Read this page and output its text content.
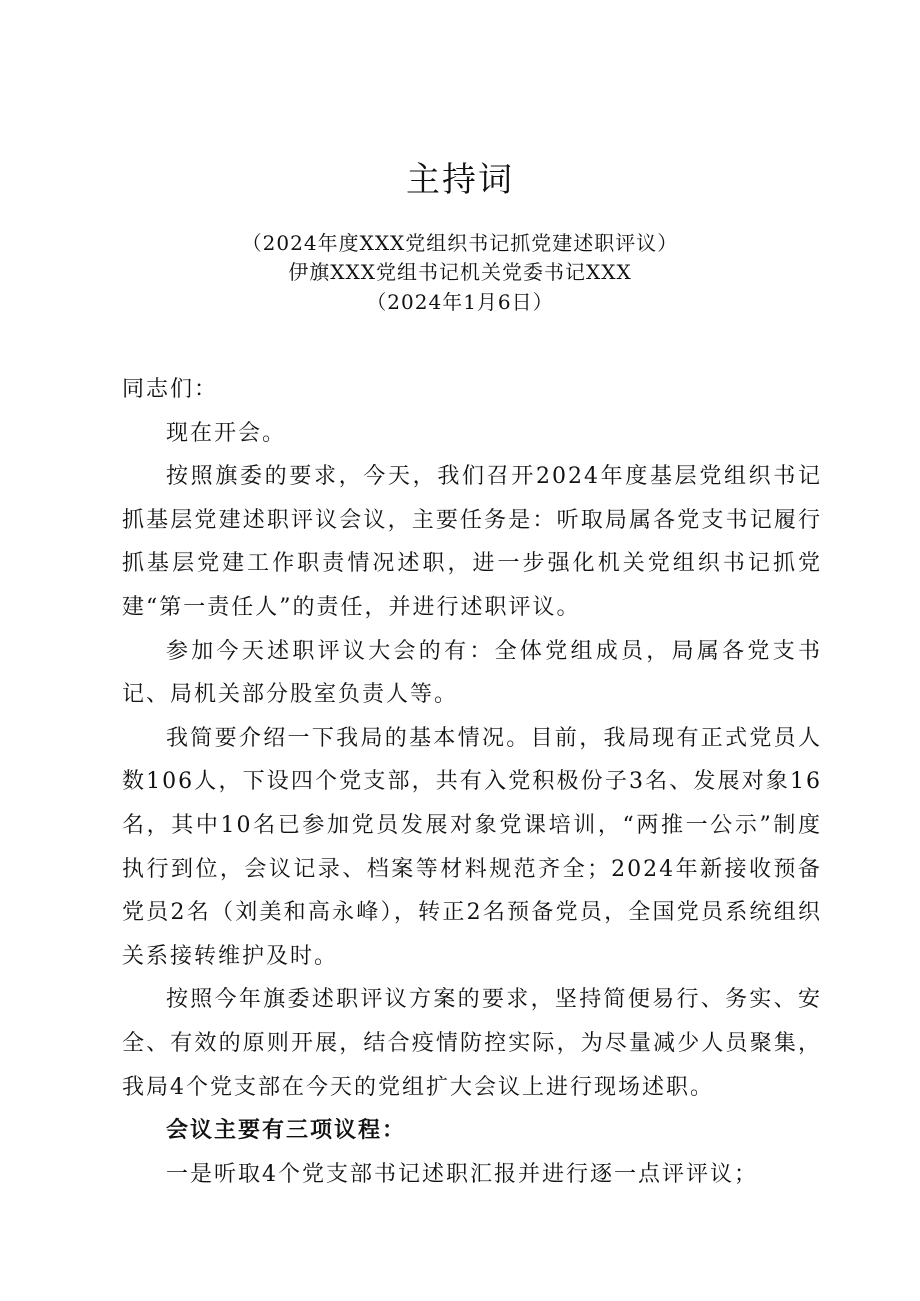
主持词
（2024年度XXX党组织书记抓党建述职评议）
伊旗XXX党组书记机关党委书记XXX
（2024年1月6日）

同志们：

现在开会。

按照旗委的要求，今天，我们召开2024年度基层党组织书记抓基层党建述职评议会议，主要任务是：听取局属各党支书记履行抓基层党建工作职责情况述职，进一步强化机关党组织书记抓党建“第一责任人”的责任，并进行述职评议。

参加今天述职评议大会的有：全体党组成员，局属各党支书记、局机关部分股室负责人等。

我简要介绍一下我局的基本情况。目前，我局现有正式党员人数106人，下设四个党支部，共有入党积极份子3名、发展对象16名，其中10名已参加党员发展对象党课培训，“两推一公示”制度执行到位，会议记录、档案等材料规范齐全；2024年新接收预备党员2名（刘美和高永峰），转正2名预备党员，全国党员系统组织关系接转维护及时。

按照今年旗委述职评议方案的要求，坚持简便易行、务实、安全、有效的原则开展，结合疫情防控实际，为尽量减少人员聚集，我局4个党支部在今天的党组扩大会议上进行现场述职。

会议主要有三项议程：

一是听取4个党支部书记述职汇报并进行逐一点评评议；
